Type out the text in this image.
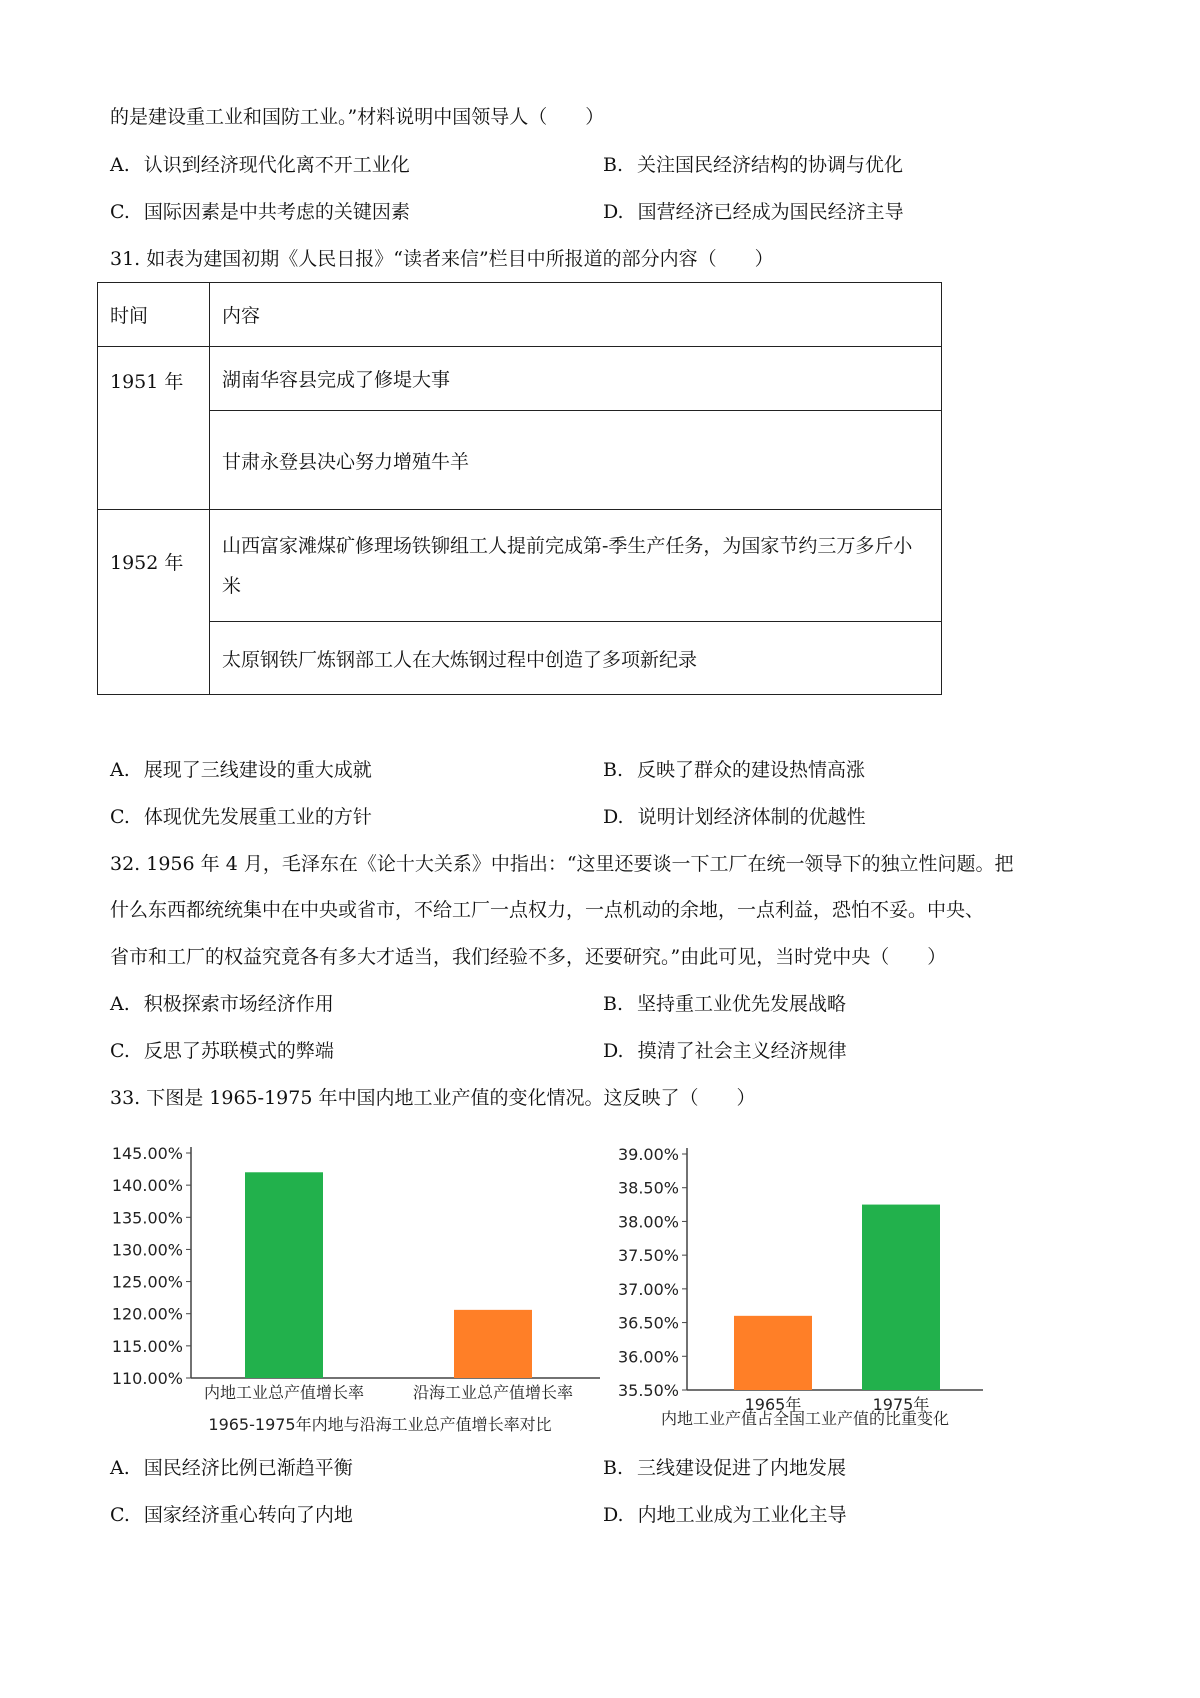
的是建设重工业和国防工业。”材料说明中国领导人（　　）
A. 认识到经济现代化离不开工业化	B. 关注国民经济结构的协调与优化
C. 国际因素是中共考虑的关键因素	D. 国营经济已经成为国民经济主导
31. 如表为建国初期《人民日报》“读者来信”栏目中所报道的部分内容（　　）
时间	内容
1951 年	湖南华容县完成了修堤大事
	甘肃永登县决心努力增殖牛羊
1952 年	山西富家滩煤矿修理场铁铆组工人提前完成第-季生产任务，为国家节约三万多斤小米
	太原钢铁厂炼钢部工人在大炼钢过程中创造了多项新纪录
A. 展现了三线建设的重大成就	B. 反映了群众的建设热情高涨
C. 体现优先发展重工业的方针	D. 说明计划经济体制的优越性
32. 1956 年 4 月，毛泽东在《论十大关系》中指出：“这里还要谈一下工厂在统一领导下的独立性问题。把
什么东西都统统集中在中央或省市，不给工厂一点权力，一点机动的余地，一点利益，恐怕不妥。中央、
省市和工厂的权益究竟各有多大才适当，我们经验不多，还要研究。”由此可见，当时党中央（　　）
A. 积极探索市场经济作用	B. 坚持重工业优先发展战略
C. 反思了苏联模式的弊端	D. 摸清了社会主义经济规律
33. 下图是 1965-1975 年中国内地工业产值的变化情况。这反映了（　　）
110.00%
115.00%
120.00%
125.00%
130.00%
135.00%
140.00%
145.00%
内地工业总产值增长率	沿海工业总产值增长率
1965-1975年内地与沿海工业总产值增长率对比
35.50%
36.00%
36.50%
37.00%
37.50%
38.00%
38.50%
39.00%
1965年	1975年
内地工业产值占全国工业产值的比重变化
A. 国民经济比例已渐趋平衡	B. 三线建设促进了内地发展
C. 国家经济重心转向了内地	D. 内地工业成为工业化主导
